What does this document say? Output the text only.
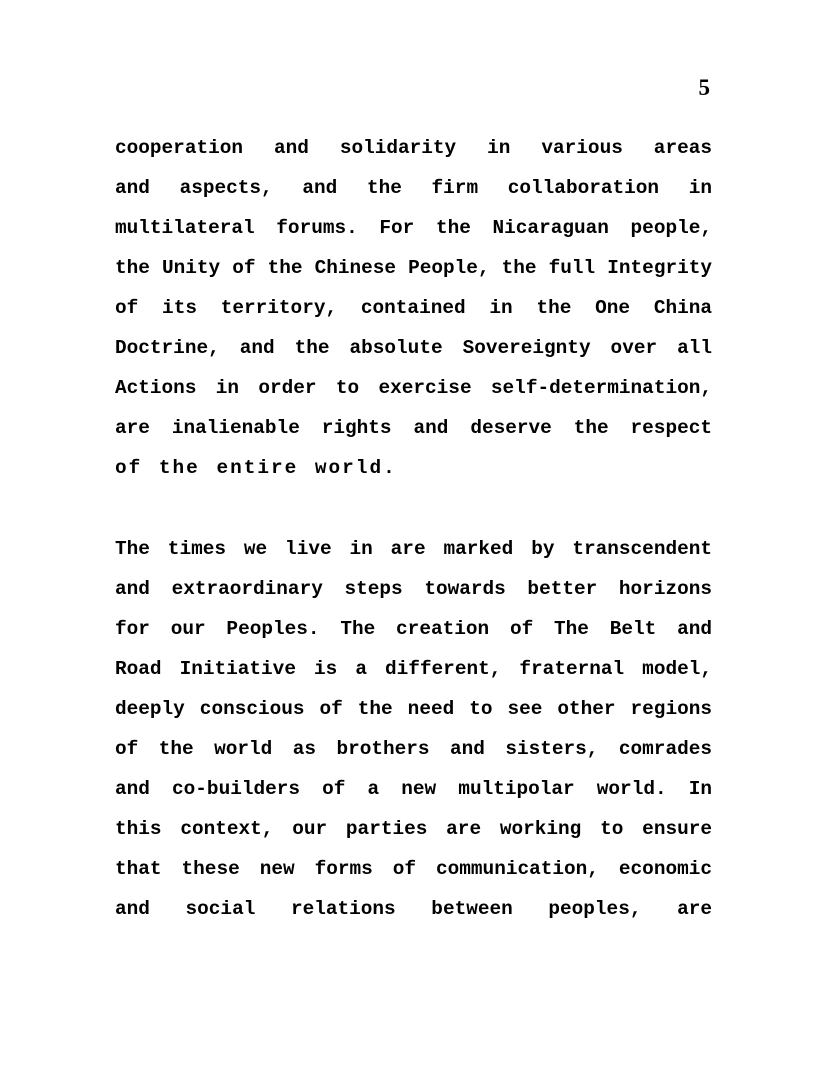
5
cooperation and solidarity in various areas
and aspects, and the firm collaboration in
multilateral forums. For the Nicaraguan people,
the Unity of the Chinese People, the full Integrity
of its territory, contained in the One China
Doctrine, and the absolute Sovereignty over all
Actions in order to exercise self-determination,
are inalienable rights and deserve the respect
of the entire world.
The times we live in are marked by transcendent
and extraordinary steps towards better horizons
for our Peoples. The creation of The Belt and
Road Initiative is a different, fraternal model,
deeply conscious of the need to see other regions
of the world as brothers and sisters, comrades
and co-builders of a new multipolar world. In
this context, our parties are working to ensure
that these new forms of communication, economic
and social relations between peoples, are
